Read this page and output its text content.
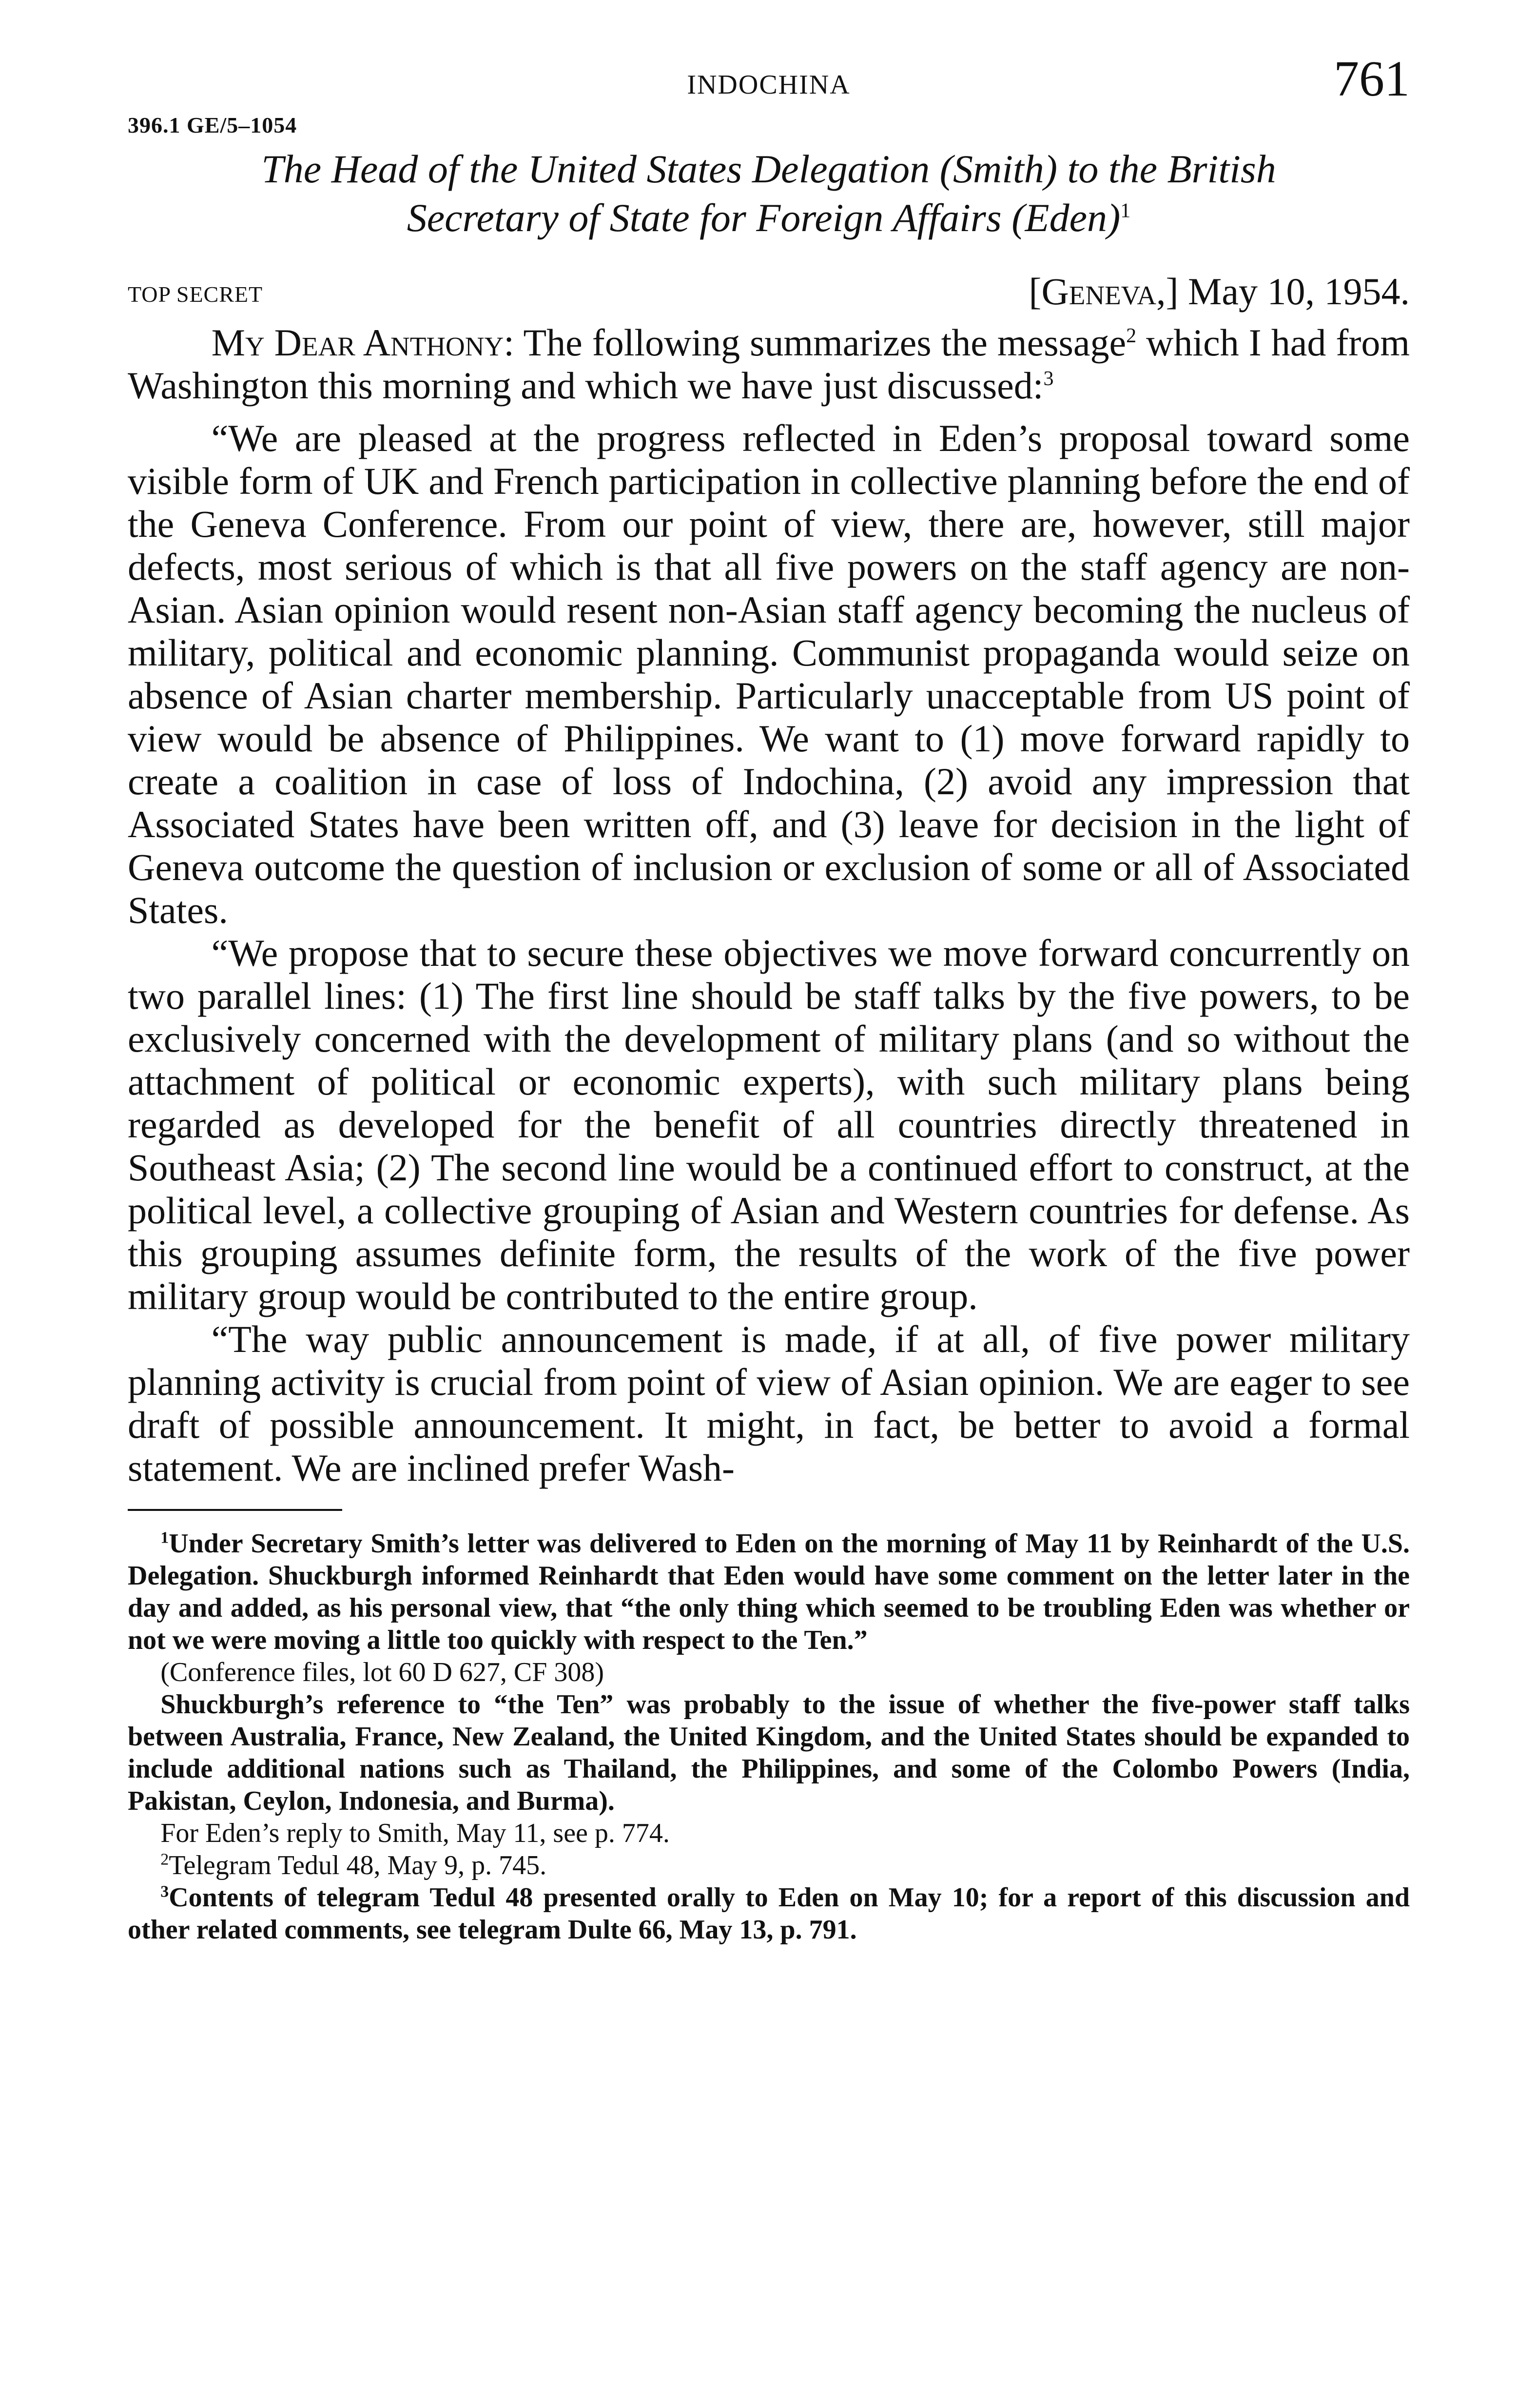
INDOCHINA	761
396.1 GE/5–1054
The Head of the United States Delegation (Smith) to the British
Secretary of State for Foreign Affairs (Eden)$^1$
TOP SECRET	[Geneva,] May 10, 1954.

My Dear Anthony: The following summarizes the message$^2$ which I had from Washington this morning and which we have just discussed:$^3$

“We are pleased at the progress reflected in Eden’s proposal toward some visible form of UK and French participation in collective planning before the end of the Geneva Conference. From our point of view, there are, however, still major defects, most serious of which is that all five powers on the staff agency are non-Asian. Asian opinion would resent non-Asian staff agency becoming the nucleus of military, political and economic planning. Communist propaganda would seize on absence of Asian charter membership. Particularly unacceptable from US point of view would be absence of Philippines. We want to (1) move forward rapidly to create a coalition in case of loss of Indochina, (2) avoid any impression that Associated States have been written off, and (3) leave for decision in the light of Geneva outcome the question of inclusion or exclusion of some or all of Associated States.

“We propose that to secure these objectives we move forward concurrently on two parallel lines: (1) The first line should be staff talks by the five powers, to be exclusively concerned with the development of military plans (and so without the attachment of political or economic experts), with such military plans being regarded as developed for the benefit of all countries directly threatened in Southeast Asia; (2) The second line would be a continued effort to construct, at the political level, a collective grouping of Asian and Western countries for defense. As this grouping assumes definite form, the results of the work of the five power military group would be contributed to the entire group.

“The way public announcement is made, if at all, of five power military planning activity is crucial from point of view of Asian opinion. We are eager to see draft of possible announcement. It might, in fact, be better to avoid a formal statement. We are inclined prefer Wash-

$^1$Under Secretary Smith’s letter was delivered to Eden on the morning of May 11 by Reinhardt of the U.S. Delegation. Shuckburgh informed Reinhardt that Eden would have some comment on the letter later in the day and added, as his personal view, that “the only thing which seemed to be troubling Eden was whether or not we were moving a little too quickly with respect to the Ten.”

(Conference files, lot 60 D 627, CF 308)

Shuckburgh’s reference to “the Ten” was probably to the issue of whether the five-power staff talks between Australia, France, New Zealand, the United Kingdom, and the United States should be expanded to include additional nations such as Thailand, the Philippines, and some of the Colombo Powers (India, Pakistan, Ceylon, Indonesia, and Burma).

For Eden’s reply to Smith, May 11, see p. 774.

$^2$Telegram Tedul 48, May 9, p. 745.

$^3$Contents of telegram Tedul 48 presented orally to Eden on May 10; for a report of this discussion and other related comments, see telegram Dulte 66, May 13, p. 791.
